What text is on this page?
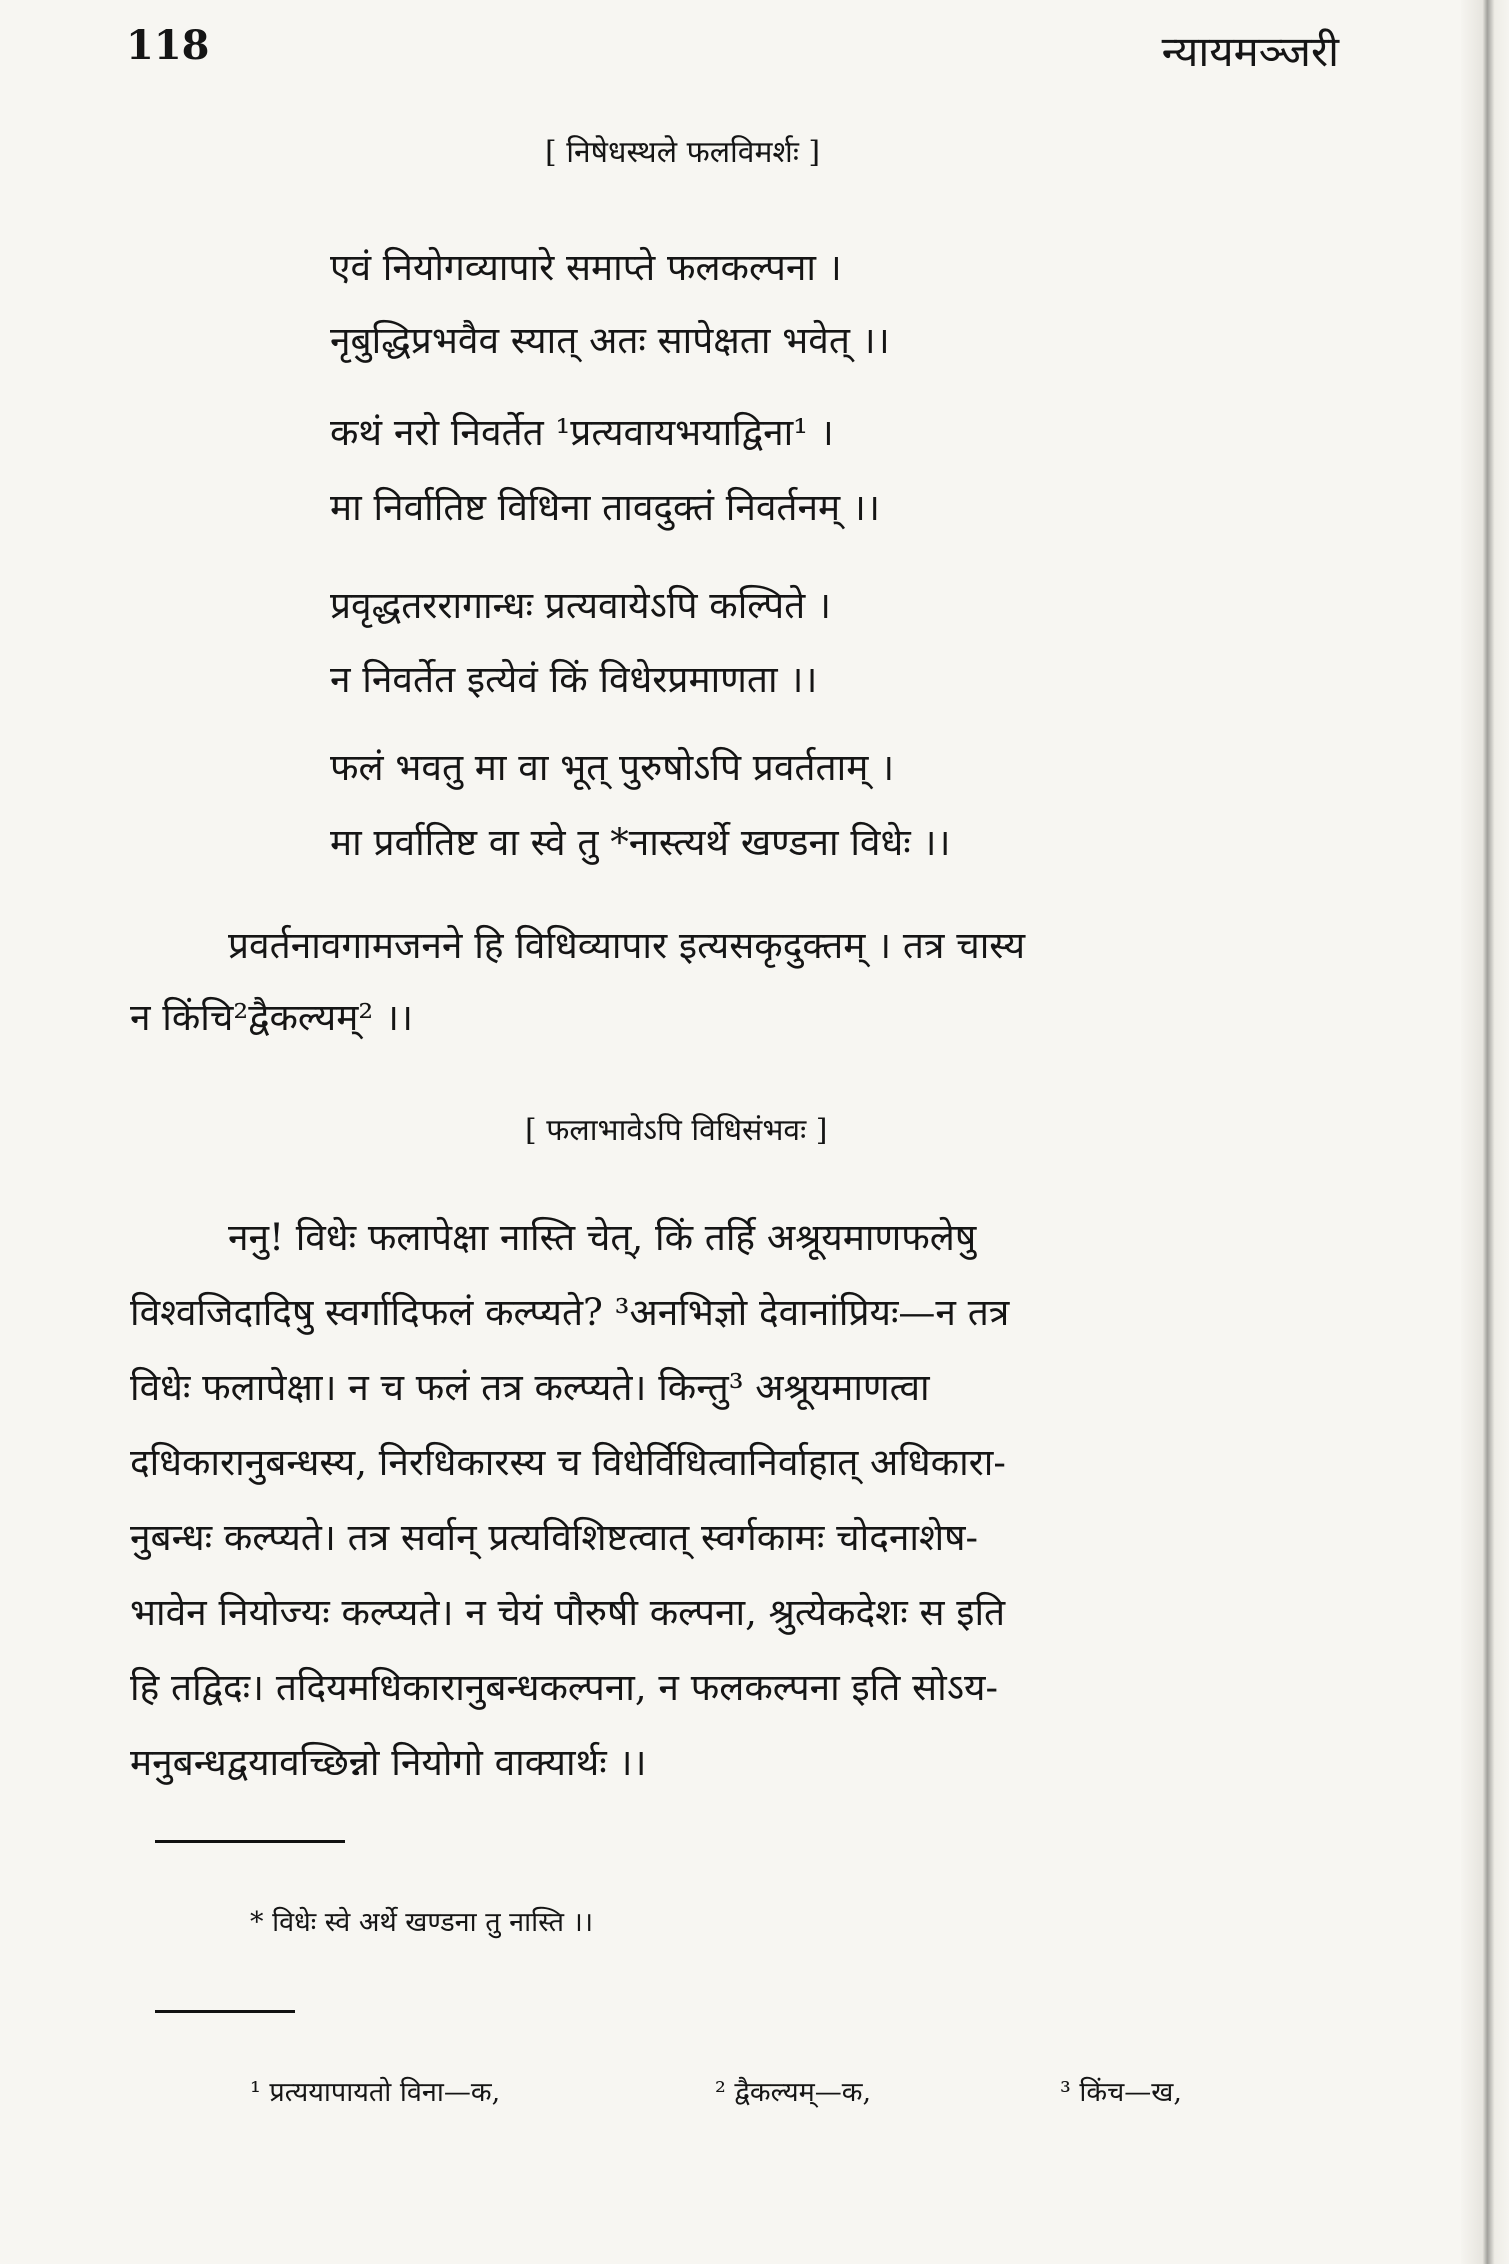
118	न्यायमञ्जरी
[ निषेधस्थले फलविमर्शः ]
एवं नियोगव्यापारे समाप्ते फलकल्पना ।
नृबुद्धिप्रभवैव स्यात् अतः सापेक्षता भवेत् ।।
कथं नरो निवर्तेत ¹प्रत्यवायभयाद्विना¹ ।
मा निर्वातिष्ट विधिना तावदुक्तं निवर्तनम् ।।
प्रवृद्धतररागान्धः प्रत्यवायेऽपि कल्पिते ।
न निवर्तेत इत्येवं किं विधेरप्रमाणता ।।
फलं भवतु मा वा भूत् पुरुषोऽपि प्रवर्तताम् ।
मा प्रर्वातिष्ट वा स्वे तु *नास्त्यर्थे खण्डना विधेः ।।
प्रवर्तनावगामजनने हि विधिव्यापार इत्यसकृदुक्तम् । तत्र चास्य
न किंचि²द्वैकल्यम्² ।।
[ फलाभावेऽपि विधिसंभवः ]
ननु! विधेः फलापेक्षा नास्ति चेत्, किं तर्हि अश्रूयमाणफलेषु
विश्वजिदादिषु स्वर्गादिफलं कल्प्यते? ³अनभिज्ञो देवानांप्रियः—न तत्र
विधेः फलापेक्षा। न च फलं तत्र कल्प्यते। किन्तु³ अश्रूयमाणत्वा
दधिकारानुबन्धस्य, निरधिकारस्य च विधेर्विधित्वानिर्वाहात् अधिकारा-
नुबन्धः कल्प्यते। तत्र सर्वान् प्रत्यविशिष्टत्वात् स्वर्गकामः चोदनाशेष-
भावेन नियोज्यः कल्प्यते। न चेयं पौरुषी कल्पना, श्रुत्येकदेशः स इति
हि तद्विदः। तदियमधिकारानुबन्धकल्पना, न फलकल्पना इति सोऽय-
मनुबन्धद्वयावच्छिन्नो नियोगो वाक्यार्थः ।।
* विधेः स्वे अर्थे खण्डना तु नास्ति ।।
¹ प्रत्ययापायतो विना—क,	² द्वैकल्यम्—क,	³ किंच—ख,
